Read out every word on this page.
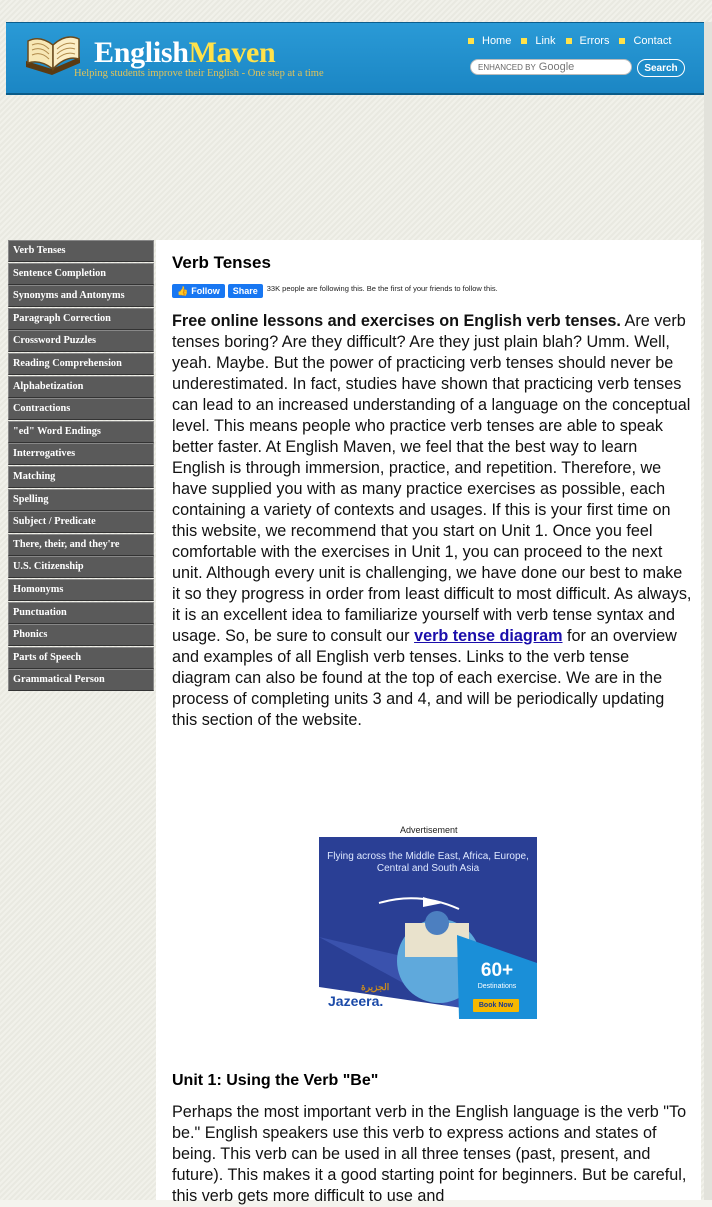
EnglishMaven
Helping students improve their English - One step at a time
Home Link Errors Contact
ENHANCED BY Google	Search
Verb Tenses
Sentence Completion
Synonyms and Antonyms
Paragraph Correction
Crossword Puzzles
Reading Comprehension
Alphabetization
Contractions
"ed" Word Endings
Interrogatives
Matching
Spelling
Subject / Predicate
There, their, and they're
U.S. Citizenship
Homonyms
Punctuation
Phonics
Parts of Speech
Grammatical Person
Verb Tenses
👍 Follow	Share	33K people are following this. Be the first of your friends to follow this.
Free online lessons and exercises on English verb tenses. Are verb tenses boring? Are they difficult? Are they just plain blah? Umm. Well, yeah. Maybe. But the power of practicing verb tenses should never be underestimated. In fact, studies have shown that practicing verb tenses can lead to an increased understanding of a language on the conceptual level. This means people who practice verb tenses are able to speak better faster. At English Maven, we feel that the best way to learn English is through immersion, practice, and repetition. Therefore, we have supplied you with as many practice exercises as possible, each containing a variety of contexts and usages. If this is your first time on this website, we recommend that you start on Unit 1. Once you feel comfortable with the exercises in Unit 1, you can proceed to the next unit. Although every unit is challenging, we have done our best to make it so they progress in order from least difficult to most difficult. As always, it is an excellent idea to familiarize yourself with verb tense syntax and usage. So, be sure to consult our verb tense diagram for an overview and examples of all English verb tenses. Links to the verb tense diagram can also be found at the top of each exercise. We are in the process of completing units 3 and 4, and will be periodically updating this section of the website.
Advertisement
Flying across the Middle East, Africa, Europe, Central and South Asia
60+
Destinations
Book Now
الجزيرة
Jazeera.
Unit 1: Using the Verb "Be"
Perhaps the most important verb in the English language is the verb "To be." English speakers use this verb to express actions and states of being. This verb can be used in all three tenses (past, present, and future). This makes it a good starting point for beginners. But be careful, this verb gets more difficult to use and
